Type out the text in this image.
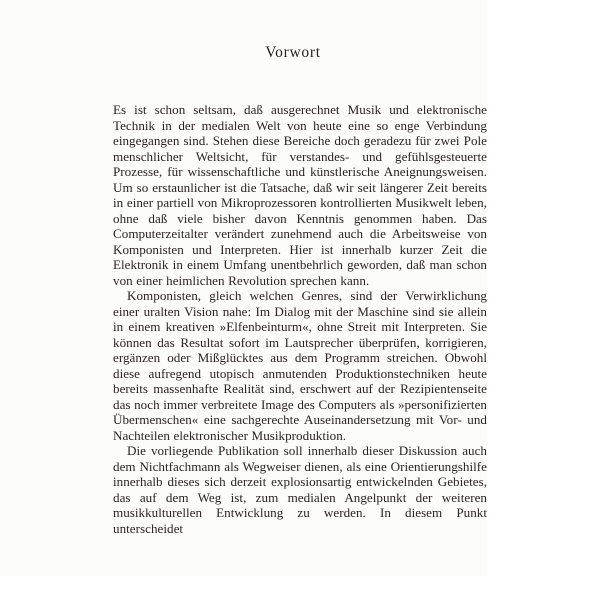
Vorwort

Es ist schon seltsam, daß ausgerechnet Musik und elektronische Technik in der medialen Welt von heute eine so enge Verbindung eingegangen sind. Stehen diese Bereiche doch geradezu für zwei Pole menschlicher Weltsicht, für verstandes- und gefühlsgesteuerte Prozesse, für wissenschaftliche und künstlerische Aneignungsweisen. Um so erstaunlicher ist die Tatsache, daß wir seit längerer Zeit bereits in einer partiell von Mikroprozessoren kontrollierten Musikwelt leben, ohne daß viele bisher davon Kenntnis genommen haben. Das Computerzeitalter verändert zunehmend auch die Arbeitsweise von Komponisten und Interpreten. Hier ist innerhalb kurzer Zeit die Elektronik in einem Umfang unentbehrlich geworden, daß man schon von einer heimlichen Revolution sprechen kann.

Komponisten, gleich welchen Genres, sind der Verwirklichung einer uralten Vision nahe: Im Dialog mit der Maschine sind sie allein in einem kreativen »Elfenbeinturm«, ohne Streit mit Interpreten. Sie können das Resultat sofort im Lautsprecher überprüfen, korrigieren, ergänzen oder Mißglücktes aus dem Programm streichen. Obwohl diese aufregend utopisch anmutenden Produktionstechniken heute bereits massenhafte Realität sind, erschwert auf der Rezipientenseite das noch immer verbreitete Image des Computers als »personifizierten Übermenschen« eine sachgerechte Auseinandersetzung mit Vor- und Nachteilen elektronischer Musikproduktion.

Die vorliegende Publikation soll innerhalb dieser Diskussion auch dem Nichtfachmann als Wegweiser dienen, als eine Orientierungshilfe innerhalb dieses sich derzeit explosionsartig entwickelnden Gebietes, das auf dem Weg ist, zum medialen Angelpunkt der weiteren musikkulturellen Entwicklung zu werden. In diesem Punkt unterscheidet
